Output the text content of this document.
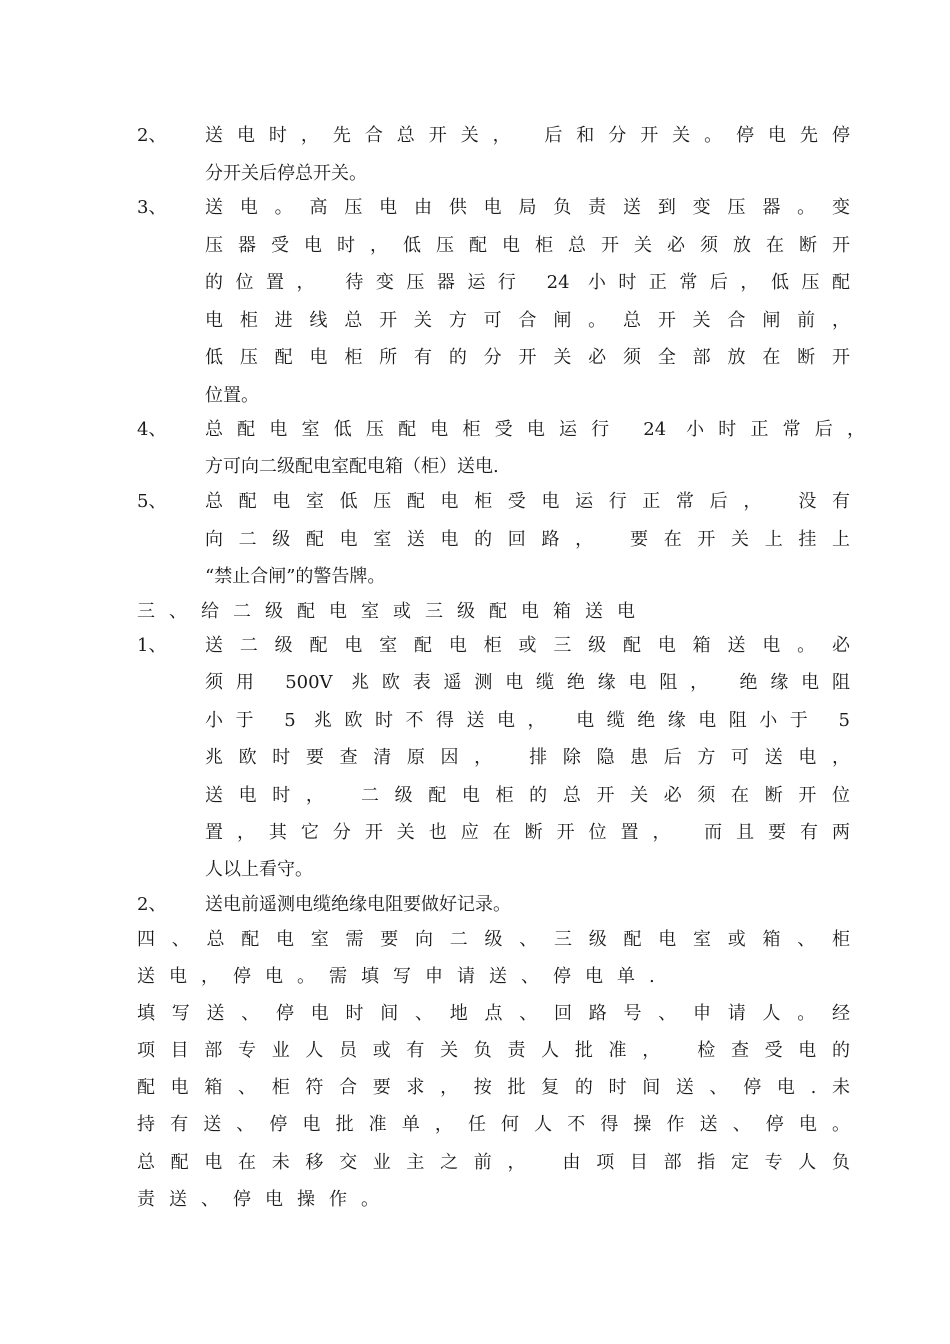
2、 送电时，先合总开关， 后和分开关。停电先停
分开关后停总开关。
3、 送电。高压电由供电局负责送到变压器。变
压器受电时，低压配电柜总开关必须放在断开
的位置， 待变压器运行 24 小时正常后，低压配
电柜进线总开关方可合闸。总开关合闸前，
低压配电柜所有的分开关必须全部放在断开
位置。
4、 总配电室低压配电柜受电运行 24 小时正常后，
方可向二级配电室配电箱（柜）送电.
5、 总配电室低压配电柜受电运行正常后， 没有
向二级配电室送电的回路， 要在开关上挂上
“禁止合闸”的警告牌。
三、给二级配电室或三级配电箱送电
1、 送二级配电室配电柜或三级配电箱送电。必
须用 500V 兆欧表遥测电缆绝缘电阻， 绝缘电阻
小于 5 兆欧时不得送电， 电缆绝缘电阻小于 5
兆欧时要查清原因， 排除隐患后方可送电，
送电时， 二级配电柜的总开关必须在断开位
置，其它分开关也应在断开位置， 而且要有两
人以上看守。
2、 送电前遥测电缆绝缘电阻要做好记录。
四、总配电室需要向二级、三级配电室或箱、柜
送电，停电。需填写申请送、停电单.
填写送、停电时间、地点、回路号、申请人。经
项目部专业人员或有关负责人批准， 检查受电的
配电箱、柜符合要求，按批复的时间送、停电.未
持有送、停电批准单，任何人不得操作送、停电。
总配电在未移交业主之前， 由项目部指定专人负
责送、停电操作。
